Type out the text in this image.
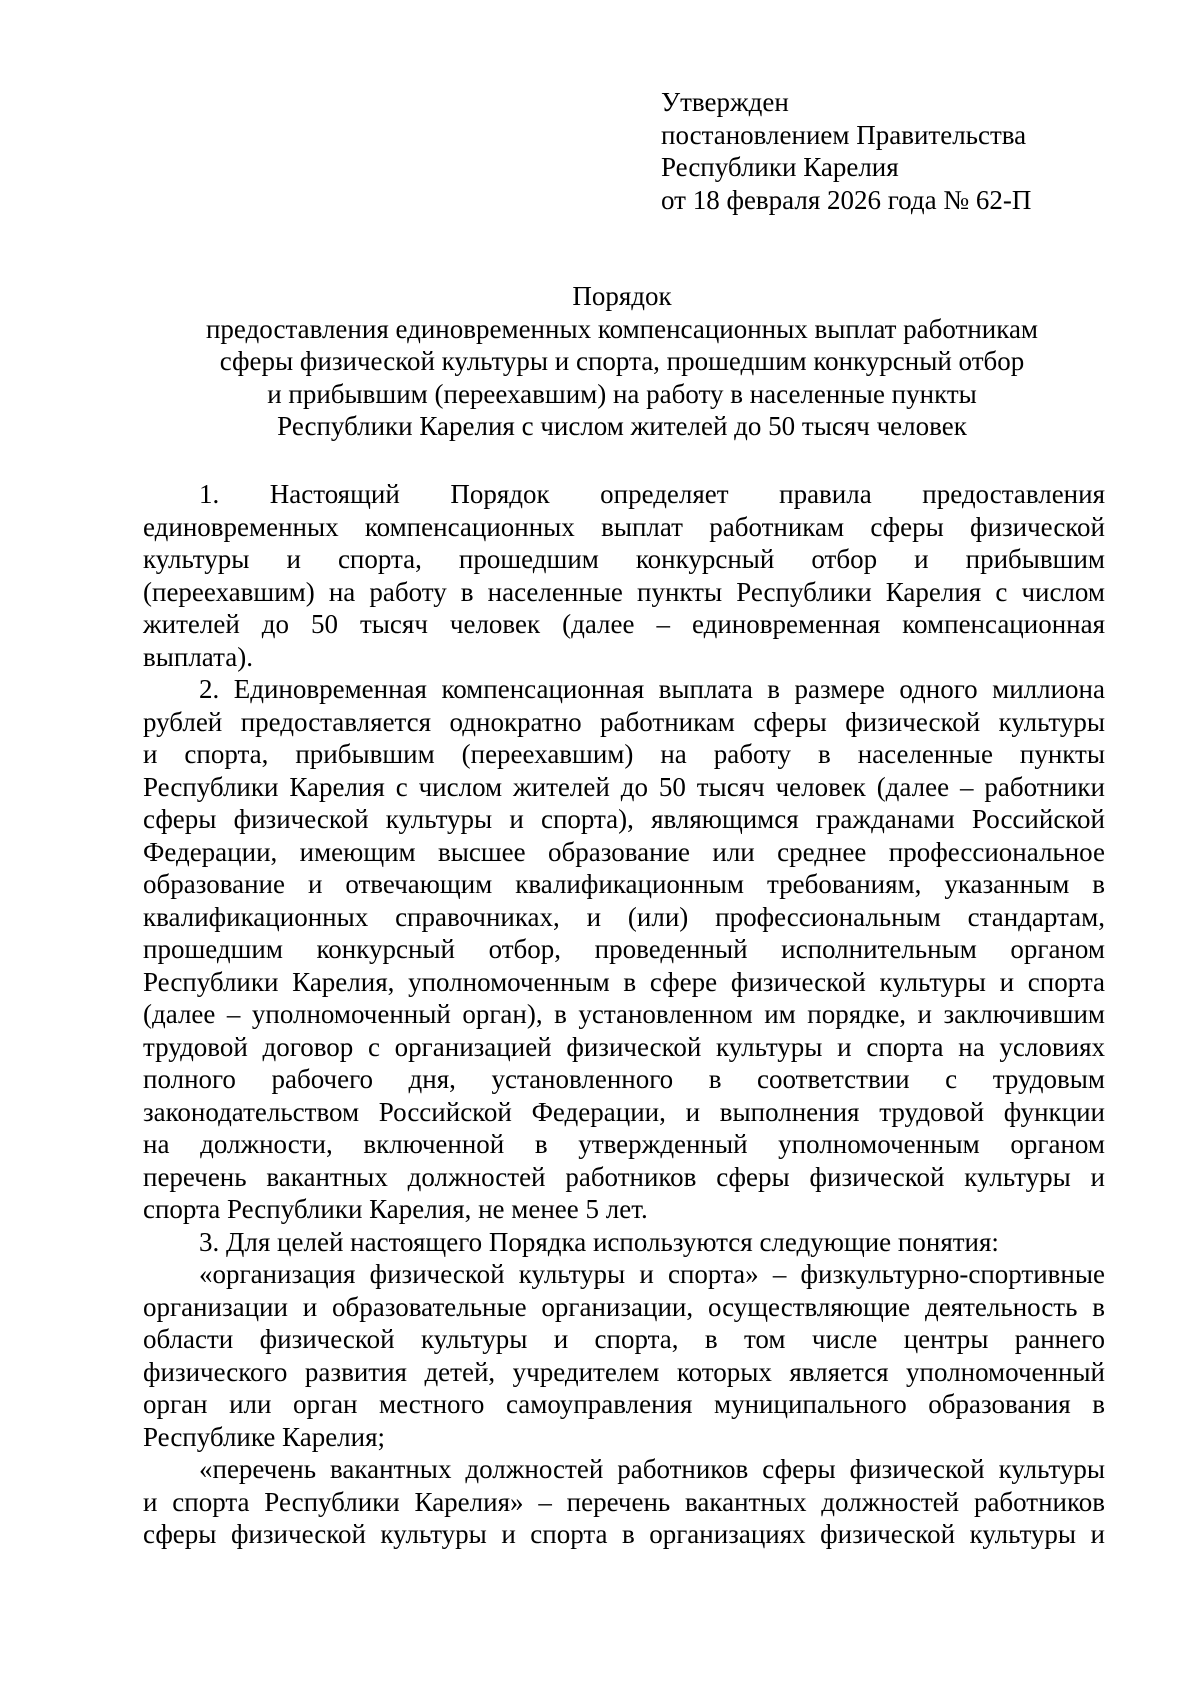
Утвержден
постановлением Правительства
Республики Карелия
от 18 февраля 2026 года № 62-П
Порядок
предоставления единовременных компенсационных выплат работникам
сферы физической культуры и спорта, прошедшим конкурсный отбор
и прибывшим (переехавшим) на работу в населенные пункты
Республики Карелия с числом жителей до 50 тысяч человек
1. Настоящий Порядок определяет правила предоставления
единовременных компенсационных выплат работникам сферы физической
культуры и спорта, прошедшим конкурсный отбор и прибывшим
(переехавшим) на работу в населенные пункты Республики Карелия с числом
жителей до 50 тысяч человек (далее – единовременная компенсационная
выплата).
2. Единовременная компенсационная выплата в размере одного миллиона
рублей предоставляется однократно работникам сферы физической культуры
и спорта, прибывшим (переехавшим) на работу в населенные пункты
Республики Карелия с числом жителей до 50 тысяч человек (далее – работники
сферы физической культуры и спорта), являющимся гражданами Российской
Федерации, имеющим высшее образование или среднее профессиональное
образование и отвечающим квалификационным требованиям, указанным в
квалификационных справочниках, и (или) профессиональным стандартам,
прошедшим конкурсный отбор, проведенный исполнительным органом
Республики Карелия, уполномоченным в сфере физической культуры и спорта
(далее – уполномоченный орган), в установленном им порядке, и заключившим
трудовой договор с организацией физической культуры и спорта на условиях
полного рабочего дня, установленного в соответствии с трудовым
законодательством Российской Федерации, и выполнения трудовой функции
на должности, включенной в утвержденный уполномоченным органом
перечень вакантных должностей работников сферы физической культуры и
спорта Республики Карелия, не менее 5 лет.
3. Для целей настоящего Порядка используются следующие понятия:
«организация физической культуры и спорта» – физкультурно-спортивные
организации и образовательные организации, осуществляющие деятельность в
области физической культуры и спорта, в том числе центры раннего
физического развития детей, учредителем которых является уполномоченный
орган или орган местного самоуправления муниципального образования в
Республике Карелия;
«перечень вакантных должностей работников сферы физической культуры
и спорта Республики Карелия» – перечень вакантных должностей работников
сферы физической культуры и спорта в организациях физической культуры и
